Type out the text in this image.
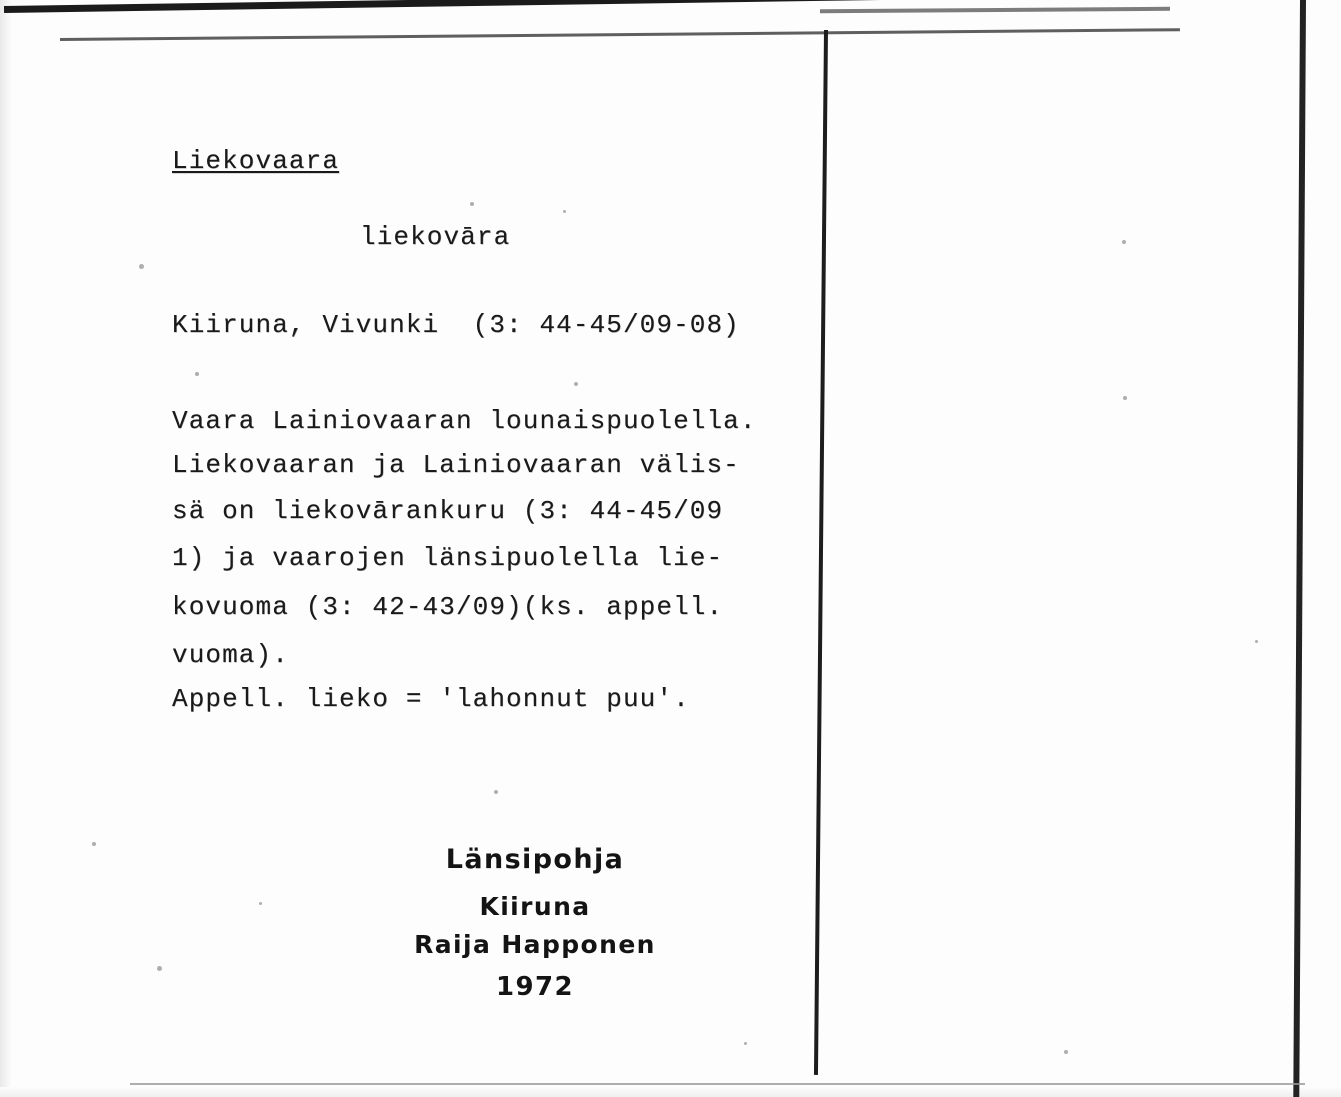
Liekovaara
liekovāra
Kiiruna, Vivunki  (3: 44-45/09-08)
Vaara Lainiovaaran lounaispuolella.
Liekovaaran ja Lainiovaaran välis-
sä on liekovārankuru (3: 44-45/09
1) ja vaarojen länsipuolella lie-
kovuoma (3: 42-43/09)(ks. appell.
vuoma).
Appell. lieko = 'lahonnut puu'.
Länsipohja
Kiiruna
Raija Happonen
1972
